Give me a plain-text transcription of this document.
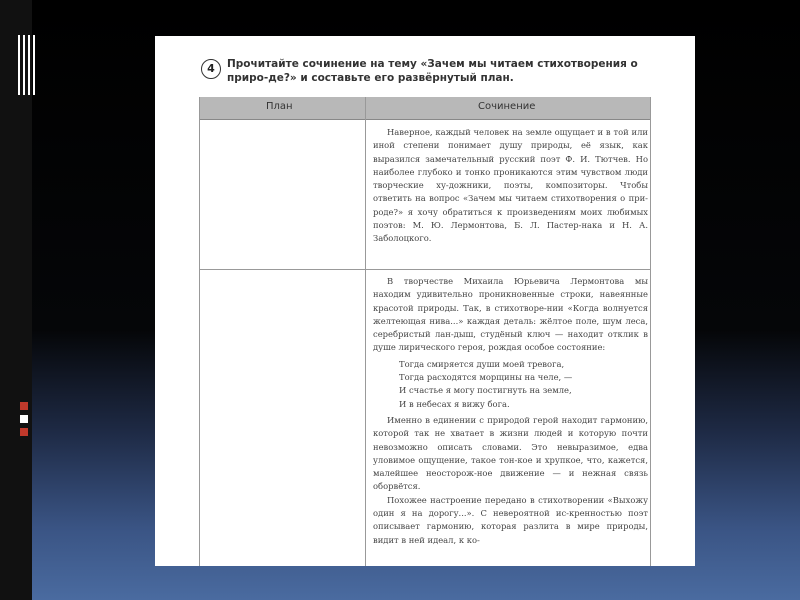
4	Прочитайте сочинение на тему «Зачем мы читаем стихотворения о приро-де?» и составьте его развёрнутый план.
План	Сочинение

Наверное, каждый человек на земле ощущает и в той или иной степени понимает душу природы, её язык, как выразился замечательный русский поэт Ф. И. Тютчев. Но наиболее глубоко и тонко проникаются этим чувством люди творческие ху-дожники, поэты, композиторы. Чтобы ответить на вопрос «Зачем мы читаем стихотворения о при-роде?» я хочу обратиться к произведениям моих любимых поэтов: М. Ю. Лермонтова, Б. Л. Пастер-нака и Н. А. Заболоцкого.

В творчестве Михаила Юрьевича Лермонтова мы находим удивительно проникновенные строки, навеянные красотой природы. Так, в стихотворе-нии «Когда волнуется желтеющая нива...» каждая деталь: жёлтое поле, шум леса, серебристый лан-дыш, студёный ключ — находит отклик в душе лирического героя, рождая особое состояние:

Тогда смиряется души моей тревога,

Тогда расходятся морщины на челе, —

И счастье я могу постигнуть на земле,

И в небесах я вижу бога.

Именно в единении с природой герой находит гармонию, которой так не хватает в жизни людей и которую почти невозможно описать словами. Это невыразимое, едва уловимое ощущение, такое тон-кое и хрупкое, что, кажется, малейшее неосторож-ное движение — и нежная связь оборвётся.

Похожее настроение передано в стихотворении «Выхожу один я на дорогу...». С невероятной ис-кренностью поэт описывает гармонию, которая разлита в мире природы, видит в ней идеал, к ко-
